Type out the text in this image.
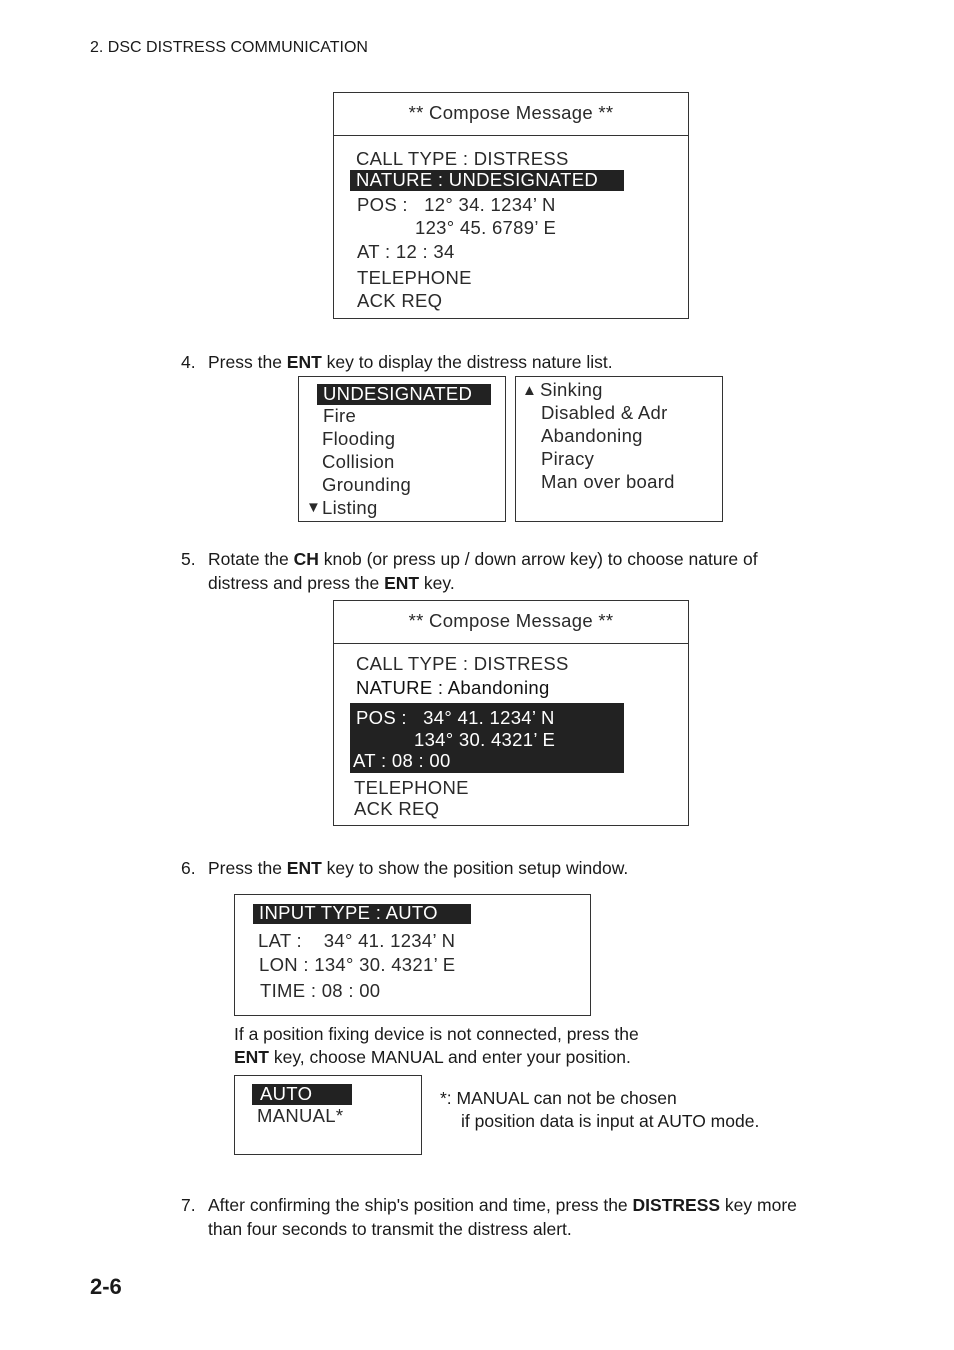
2. DSC DISTRESS COMMUNICATION
** Compose Message **
CALL TYPE : DISTRESS
NATURE : UNDESIGNATED
POS :   12° 34. 1234’ N
123° 45. 6789’ E
AT : 12 : 34
TELEPHONE
ACK REQ
4. Press the ENT key to display the distress nature list.
UNDESIGNATED
Fire
Flooding
Collision
Grounding
▼ Listing
▲ Sinking
Disabled & Adr
Abandoning
Piracy
Man over board
5. Rotate the CH knob (or press up / down arrow key) to choose nature of
distress and press the ENT key.
** Compose Message **
CALL TYPE : DISTRESS
NATURE : Abandoning
POS :   34° 41. 1234’ N
134° 30. 4321’ E
AT : 08 : 00
TELEPHONE
ACK REQ
6. Press the ENT key to show the position setup window.
INPUT TYPE : AUTO
LAT :    34° 41. 1234’ N
LON : 134° 30. 4321’ E
TIME : 08 : 00
If a position fixing device is not connected, press the
ENT key, choose MANUAL and enter your position.
AUTO
MANUAL*
*: MANUAL can not be chosen
if position data is input at AUTO mode.
7. After confirming the ship's position and time, press the DISTRESS key more
than four seconds to transmit the distress alert.
2-6
